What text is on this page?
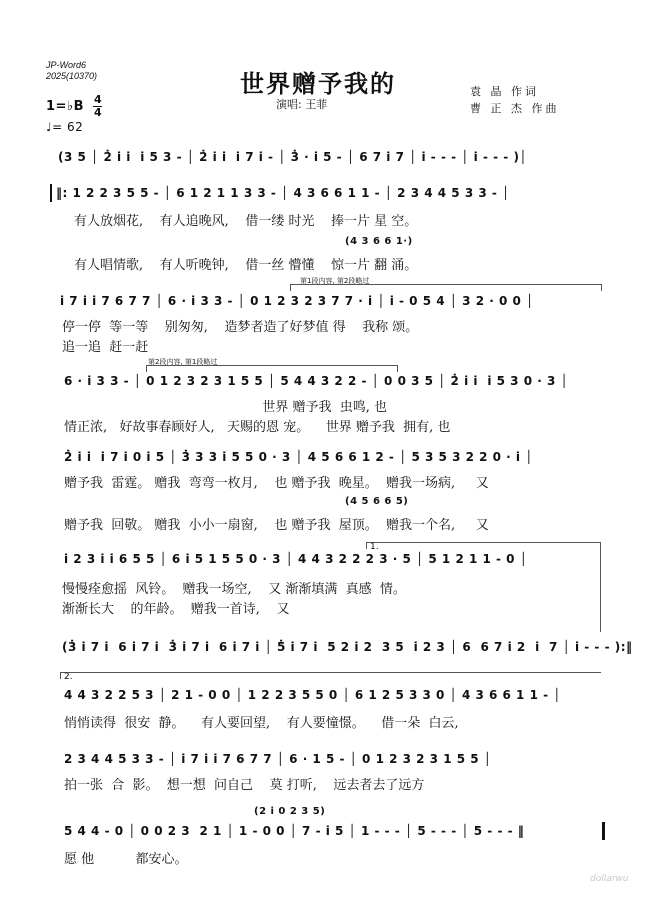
JP-Word6
2025(10370)	世界赠予我的
演唱: 王菲
袁 晶 作词
曹 正 杰 作曲
1=♭B 4
4
♩= 62
(3 5 │ 2̇ i i  i 5 3 - │ 2̇ i i  i 7 i - │ 3̇ · i 5 - │ 6 7 i 7 │ i - - - │ i - - - )│
‖: 1 2 2 3 5 5 - │ 6 1 2 1 1 3 3 - │ 4 3 6 6 1 1 - │ 2 3 4 4 5 3 3 - │
有人放烟花,    有人追晚风,    借一缕 时光    捧一片 星 空。
(4 3 6 6 1·)
有人唱情歌,    有人听晚钟,    借一丝 懵懂    惊一片 翻 涌。
第1段内容, 第2段略过
i 7 i i 7 6 7 7 │ 6 · i 3 3 - │ 0 1 2 3 2 3 7 7 · i │ i - 0 5 4 │ 3 2 · 0 0 │
停一停  等一等    别匆匆,    造梦者造了好梦值 得    我称 颂。
追一追  赶一赶
第2段内容, 第1段略过
6 · i 3 3 - │ 0 1 2 3 2 3 1 5 5 │ 5 4 4 3 2 2 - │ 0 0 3 5 │ 2̇ i i  i 5 3 0 · 3 │
世界 赠予我  虫鸣, 也
情正浓,   好故事春顾好人,   天赐的恩 宠。    世界 赠予我  拥有, 也
2̇ i i  i 7 i 0 i 5 │ 3̇ 3 3 i 5 5 0 · 3 │ 4 5 6 6 1 2 - │ 5 3 5 3 2 2 0 · i │
赠予我  雷霆。 赠我  弯弯一枚月,    也 赠予我  晚星。  赠我一场病,     又
(4 5 6 6 5)
赠予我  回敬。 赠我  小小一扇窗,    也 赠予我  屋顶。  赠我一个名,     又
1.
i 2 3 i i 6 5 5 │ 6 i 5 1 5 5 0 · 3 │ 4 4 3 2 2 2 3 · 5 │ 5 1 2 1 1 - 0 │
慢慢痊愈摇  风铃。  赠我一场空,    又 渐渐填满  真感  情。
渐渐长大    的年龄。  赠我一首诗,    又
(3̇ i 7 i  6 i 7 i  3̇ i 7 i  6 i 7 i │ 5̇ i 7 i  5 2 i 2  3 5  i 2 3 │ 6  6 7 i 2  i  7 │ i - - - ):‖
2.
4 4 3 2 2 5 3 │ 2 1 - 0 0 │ 1 2 2 3 5 5 0 │ 6 1 2 5 3 3 0 │ 4 3 6 6 1 1 - │
悄悄读得  很安  静。    有人要回望,    有人要憧憬。    借一朵  白云,
2 3 4 4 5 3 3 - │ i 7 i i 7 6 7 7 │ 6 · 1 5 - │ 0 1 2 3 2 3 1 5 5 │
拍一张  合  影。  想一想  问自己    莫 打听,    远去者去了远方
(2 i 0 2 3 5)
5 4 4 - 0 │ 0 0 2 3  2 1 │ 1 - 0 0 │ 7 - i 5 │ 1 - - - │ 5 - - - │ 5 - - - ‖
愿 他          都安心。
dollarwu
